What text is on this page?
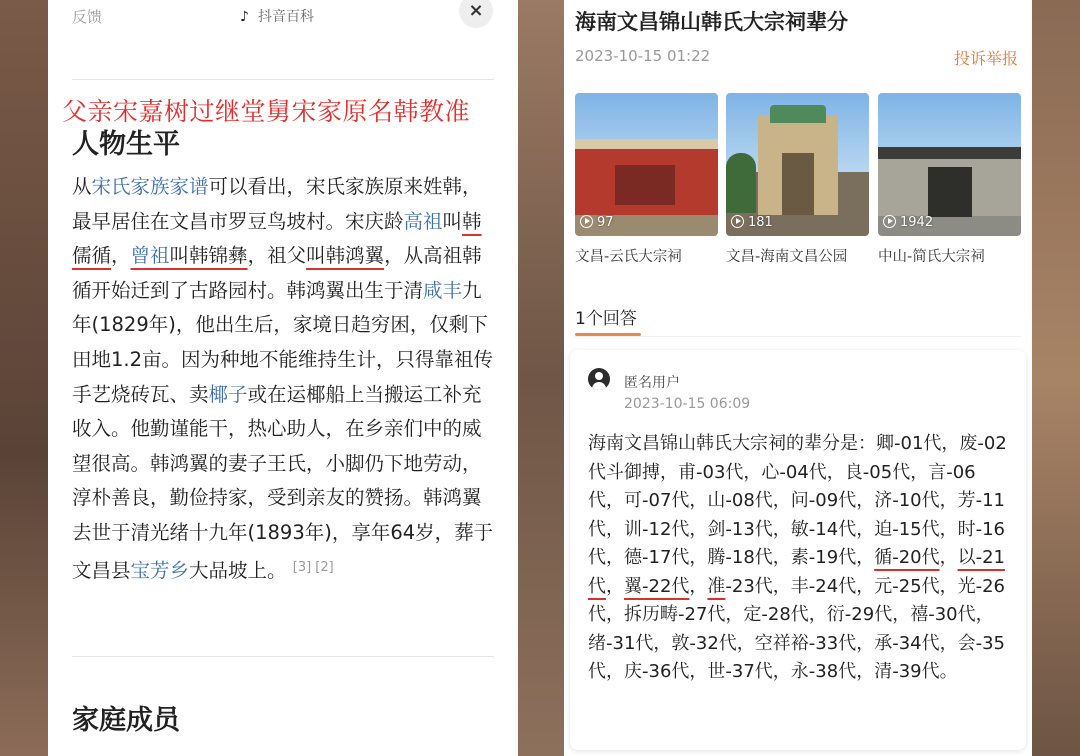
反馈	♪ 抖音百科	×
人物生平
从宋氏家族家谱可以看出，宋氏家族原来姓韩，最早居住在文昌市罗豆鸟坡村。宋庆龄高祖叫韩儒循，曾祖叫韩锦彝，祖父叫韩鸿翼，从高祖韩循开始迁到了古路园村。韩鸿翼出生于清咸丰九年(1829年)，他出生后，家境日趋穷困，仅剩下田地1.2亩。因为种地不能维持生计，只得靠祖传手艺烧砖瓦、卖椰子或在运椰船上当搬运工补充收入。他勤谨能干，热心助人，在乡亲们中的威望很高。韩鸿翼的妻子王氏，小脚仍下地劳动，淳朴善良，勤俭持家，受到亲友的赞扬。韩鸿翼去世于清光绪十九年(1893年)，享年64岁，葬于文昌县宝芳乡大品坡上。 [3] [2]
家庭成员
父亲宋嘉树过继堂舅宋家原名韩教准
海南文昌锦山韩氏大宗祠辈分
2023-10-15 01:22	投诉举报
97
文昌-云氏大宗祠
181
文昌-海南文昌公园
1942
中山-简氏大宗祠
1个回答
匿名用户
2023-10-15 06:09
海南文昌锦山韩氏大宗祠的辈分是：卿-01代，废-02代斗御搏，甫-03代，心-04代，良-05代，言-06代，可-07代，山-08代，问-09代，济-10代，芳-11代，训-12代，剑-13代，敏-14代，迫-15代，时-16代，德-17代，腾-18代，素-19代，循-20代，以-21代，翼-22代，准-23代，丰-24代，元-25代，光-26代，拆历畴-27代，定-28代，衍-29代，禧-30代，绪-31代，敦-32代，空祥裕-33代，承-34代，会-35代，庆-36代，世-37代，永-38代，清-39代。
